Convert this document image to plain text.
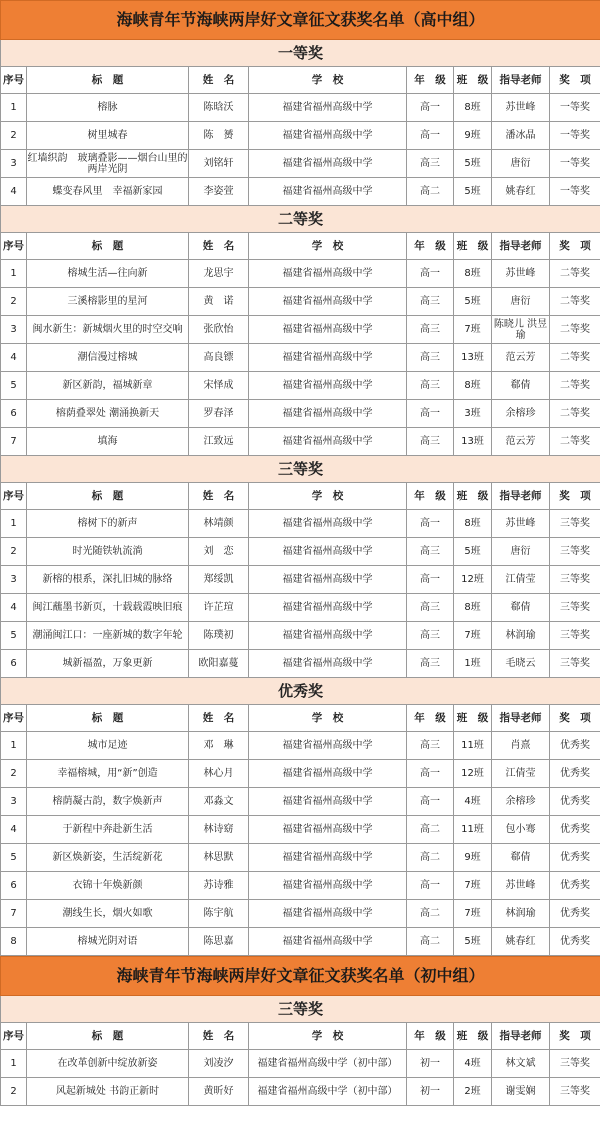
海峡青年节海峡两岸好文章征文获奖名单（高中组）							
一等奖							
序号	标　题	姓　名	学　校	年　级	班　级	指导老师	奖　项
1	榕脉	陈晗沃	福建省福州高级中学	高一	8班	苏世峰	一等奖
2	树里城春	陈　赟	福建省福州高级中学	高一	9班	潘冰晶	一等奖
3	红墙织韵　玻璃叠影——烟台山里的两岸光阴	刘铭轩	福建省福州高级中学	高三	5班	唐衍	一等奖
4	蝶变春风里　幸福新家园	李姿萱	福建省福州高级中学	高二	5班	姚春红	一等奖
二等奖							
序号	标　题	姓　名	学　校	年　级	班　级	指导老师	奖　项
1	榕城生活—往向新	龙思宇	福建省福州高级中学	高一	8班	苏世峰	二等奖
2	三溪榕影里的星河	黄　诺	福建省福州高级中学	高三	5班	唐衍	二等奖
3	闽水新生：新城烟火里的时空交响	张欣怡	福建省福州高级中学	高三	7班	陈晓儿 洪昱瑜	二等奖
4	潮信漫过榕城	高良镖	福建省福州高级中学	高三	13班	范云芳	二等奖
5	新区新韵，福城新章	宋怿成	福建省福州高级中学	高三	8班	郗倩	二等奖
6	榕荫叠翠处 潮涌换新天	罗春泽	福建省福州高级中学	高一	3班	余榕珍	二等奖
7	填海	江致远	福建省福州高级中学	高三	13班	范云芳	二等奖
三等奖							
序号	标　题	姓　名	学　校	年　级	班　级	指导老师	奖　项
1	榕树下的新声	林靖颜	福建省福州高级中学	高一	8班	苏世峰	三等奖
2	时光随铁轨流淌	刘　恋	福建省福州高级中学	高三	5班	唐衍	三等奖
3	新榕的根系，深扎旧城的脉络	郑绥凯	福建省福州高级中学	高一	12班	江倩莹	三等奖
4	闽江蘸墨书新页，十载载霞映旧痕	许芷瑄	福建省福州高级中学	高三	8班	郗倩	三等奖
5	潮涌闽江口：一座新城的数字年轮	陈璞初	福建省福州高级中学	高三	7班	林润瑜	三等奖
6	城新福盈，万象更新	欧阳嘉蔓	福建省福州高级中学	高三	1班	毛晓云	三等奖
优秀奖							
序号	标　题	姓　名	学　校	年　级	班　级	指导老师	奖　项
1	城市足迹	邓　琳	福建省福州高级中学	高三	11班	肖熹	优秀奖
2	幸福榕城，用“新”创造	林心月	福建省福州高级中学	高一	12班	江倩莹	优秀奖
3	榕荫凝古韵，数字焕新声	邓淼文	福建省福州高级中学	高一	4班	余榕珍	优秀奖
4	于新程中奔赴新生活	林诗窈	福建省福州高级中学	高二	11班	包小骞	优秀奖
5	新区焕新姿，生活绽新花	林思默	福建省福州高级中学	高二	9班	郗倩	优秀奖
6	衣锦十年焕新颜	苏诗雅	福建省福州高级中学	高一	7班	苏世峰	优秀奖
7	潮线生长，烟火如歌	陈宇航	福建省福州高级中学	高二	7班	林润瑜	优秀奖
8	榕城光阴对语	陈思嘉	福建省福州高级中学	高二	5班	姚春红	优秀奖
海峡青年节海峡两岸好文章征文获奖名单（初中组）							
三等奖							
序号	标　题	姓　名	学　校	年　级	班　级	指导老师	奖　项
1	在改革创新中绽放新姿	刘凌汐	福建省福州高级中学（初中部）	初一	4班	林文斌	三等奖
2	风起新城处 书韵正新时	黄昕好	福建省福州高级中学（初中部）	初一	2班	谢雯娴	三等奖
